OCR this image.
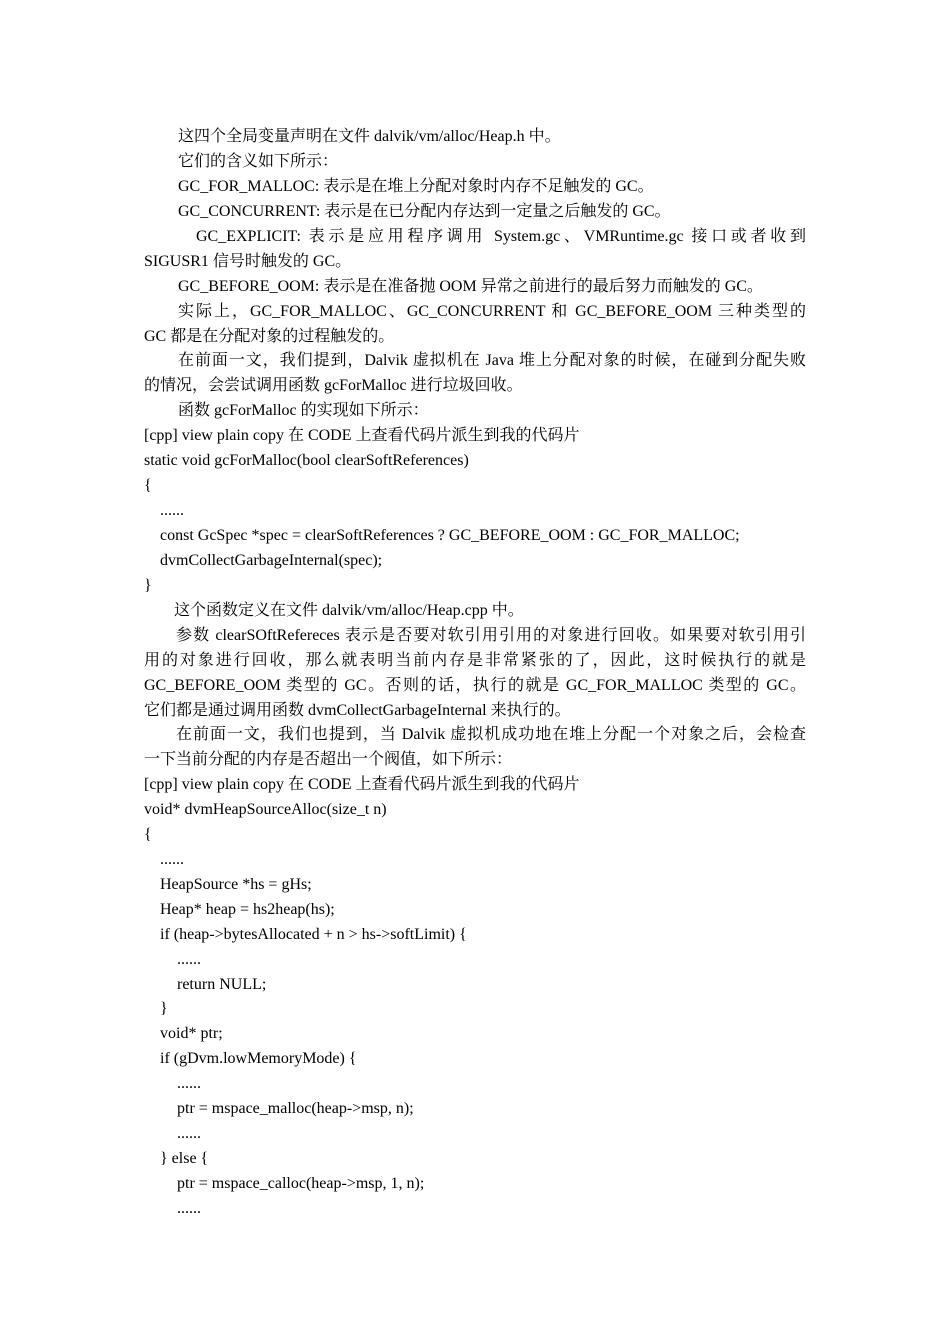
这四个全局变量声明在文件 dalvik/vm/alloc/Heap.h 中。
它们的含义如下所示：
GC_FOR_MALLOC: 表示是在堆上分配对象时内存不足触发的 GC。
GC_CONCURRENT: 表示是在已分配内存达到一定量之后触发的 GC。
GC_EXPLICIT: 表示是应用程序调用 System.gc、VMRuntime.gc 接口或者收到
SIGUSR1 信号时触发的 GC。
GC_BEFORE_OOM: 表示是在准备抛 OOM 异常之前进行的最后努力而触发的 GC。
实际上，GC_FOR_MALLOC、GC_CONCURRENT 和 GC_BEFORE_OOM 三种类型的
GC 都是在分配对象的过程触发的。
在前面一文，我们提到，Dalvik 虚拟机在 Java 堆上分配对象的时候，在碰到分配失败
的情况，会尝试调用函数 gcForMalloc 进行垃圾回收。
函数 gcForMalloc 的实现如下所示：
[cpp] view plain copy 在 CODE 上查看代码片派生到我的代码片
static void gcForMalloc(bool clearSoftReferences)
{
......
const GcSpec *spec = clearSoftReferences ? GC_BEFORE_OOM : GC_FOR_MALLOC;
dvmCollectGarbageInternal(spec);
}
这个函数定义在文件 dalvik/vm/alloc/Heap.cpp 中。
参数 clearSOftRefereces 表示是否要对软引用引用的对象进行回收。如果要对软引用引
用的对象进行回收，那么就表明当前内存是非常紧张的了，因此，这时候执行的就是
GC_BEFORE_OOM 类型的 GC。否则的话，执行的就是 GC_FOR_MALLOC 类型的 GC。
它们都是通过调用函数 dvmCollectGarbageInternal 来执行的。
在前面一文，我们也提到，当 Dalvik 虚拟机成功地在堆上分配一个对象之后，会检查
一下当前分配的内存是否超出一个阀值，如下所示：
[cpp] view plain copy 在 CODE 上查看代码片派生到我的代码片
void* dvmHeapSourceAlloc(size_t n)
{
......
HeapSource *hs = gHs;
Heap* heap = hs2heap(hs);
if (heap->bytesAllocated + n > hs->softLimit) {
......
return NULL;
}
void* ptr;
if (gDvm.lowMemoryMode) {
......
ptr = mspace_malloc(heap->msp, n);
......
} else {
ptr = mspace_calloc(heap->msp, 1, n);
......
